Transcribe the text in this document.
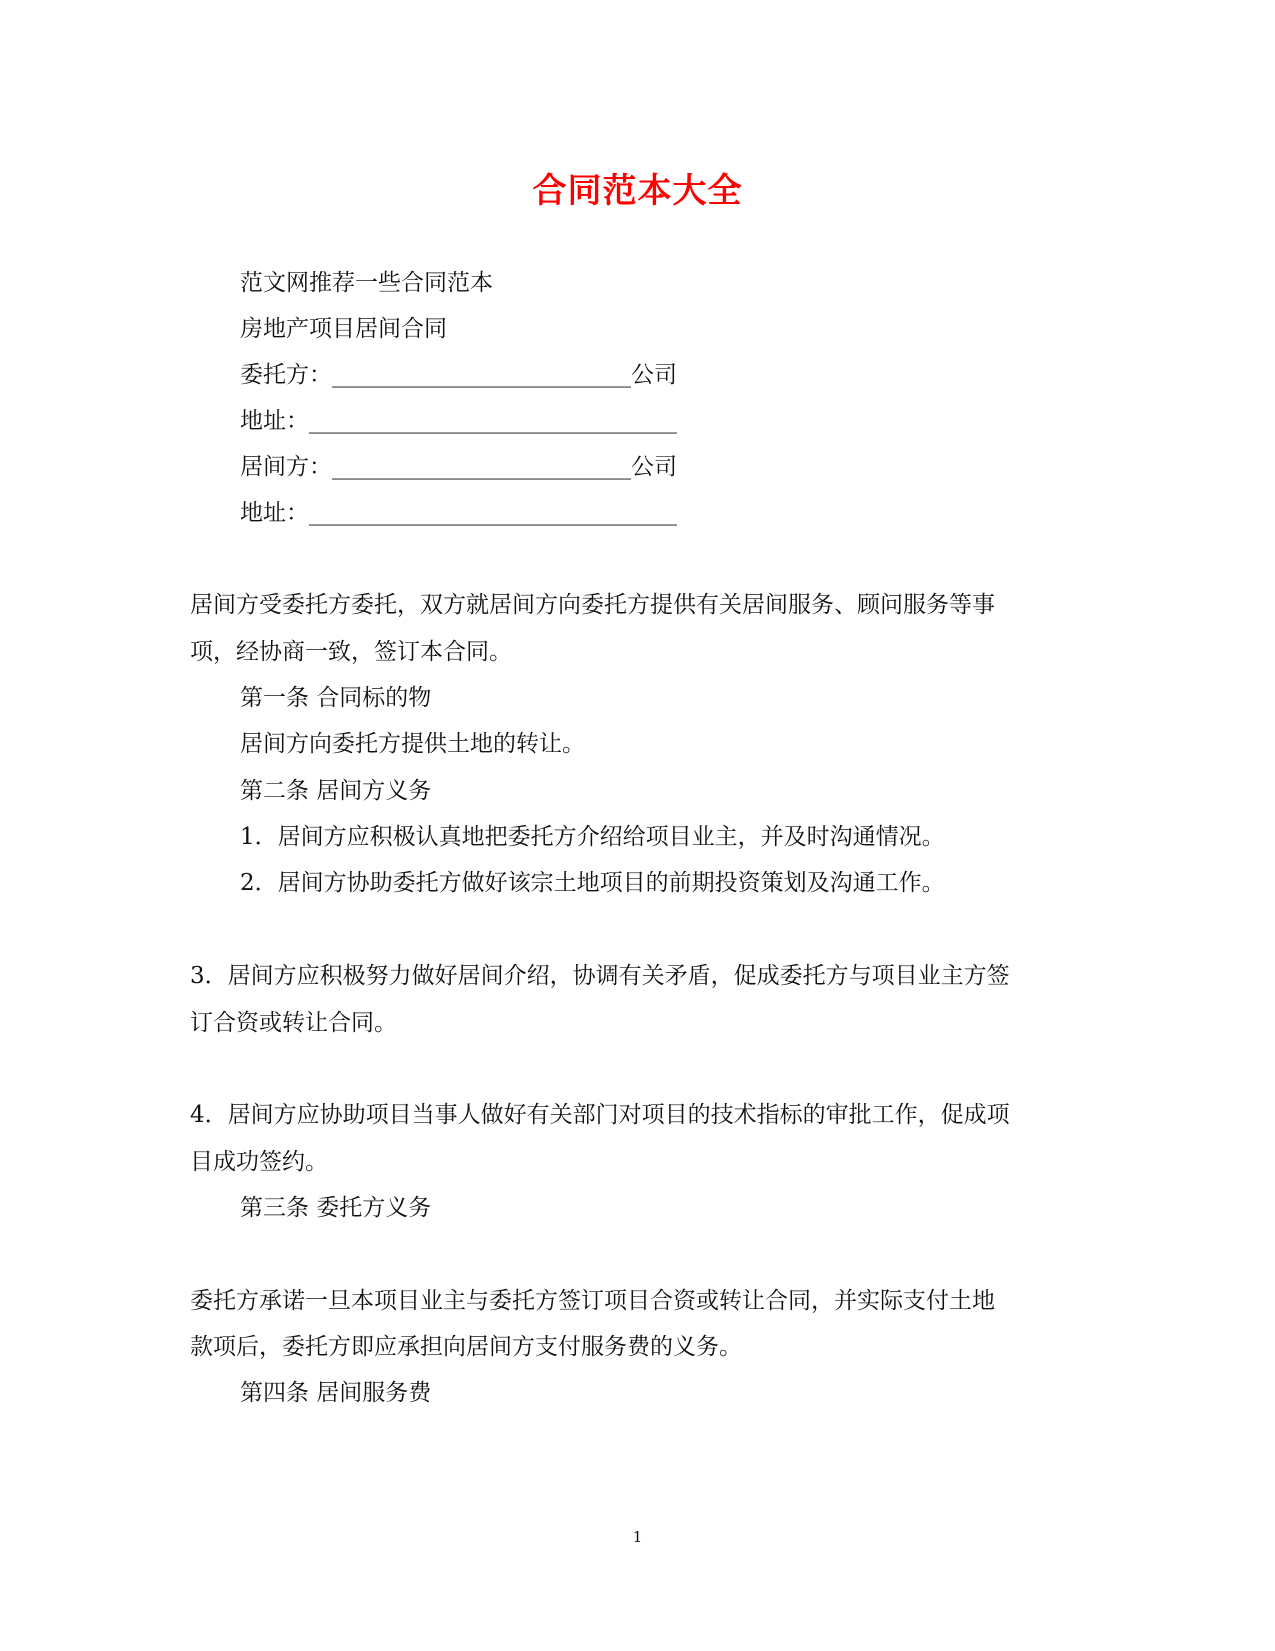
合同范本大全
范文网推荐一些合同范本
房地产项目居间合同
委托方：__________________________公司
地址：________________________________
居间方：__________________________公司
地址：________________________________
居间方受委托方委托，双方就居间方向委托方提供有关居间服务、顾问服务等事
项，经协商一致，签订本合同。
第一条 合同标的物
居间方向委托方提供土地的转让。
第二条 居间方义务
1．居间方应积极认真地把委托方介绍给项目业主，并及时沟通情况。
2．居间方协助委托方做好该宗土地项目的前期投资策划及沟通工作。
3．居间方应积极努力做好居间介绍，协调有关矛盾，促成委托方与项目业主方签
订合资或转让合同。
4．居间方应协助项目当事人做好有关部门对项目的技术指标的审批工作，促成项
目成功签约。
第三条 委托方义务
委托方承诺一旦本项目业主与委托方签订项目合资或转让合同，并实际支付土地
款项后，委托方即应承担向居间方支付服务费的义务。
第四条 居间服务费
1
